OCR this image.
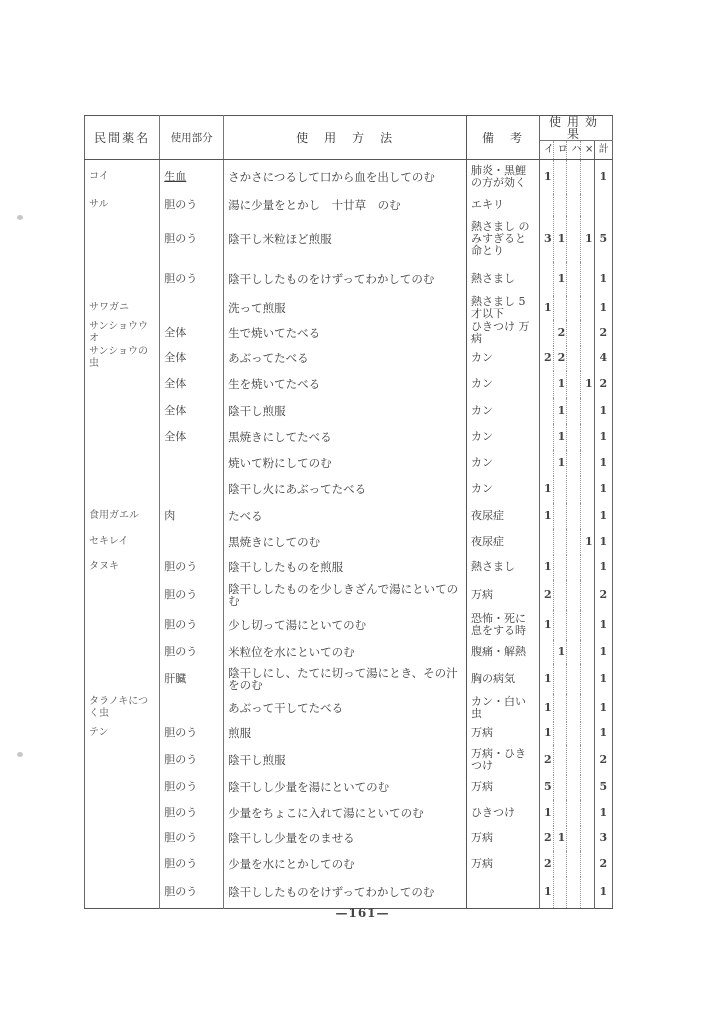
民間薬名	使用部分	使　用　方　法	備　考	使用効果				
				イ	ロ	ハ	×	計
コイ	生血	さかさにつるして口から血を出してのむ	肺炎・黒鯉の方が効く	1				1
サル	胆のう	湯に少量をとかし　十廿草　のむ	エキリ					
	胆のう	陰干し米粒ほど煎服	熱さまし のみすぎると命とり	3	1		1	5
	胆のう	陰干ししたものをけずってわかしてのむ	熱さまし		1			1
サワガニ		洗って煎服	熱さまし 5才以下	1				1
サンショウウオ	全体	生で焼いてたべる	ひきつけ 万病		2			2
サンショウの虫	全体	あぶってたべる	カン	2	2			4
	全体	生を焼いてたべる	カン		1		1	2
	全体	陰干し煎服	カン		1			1
	全体	黒焼きにしてたべる	カン		1			1
		焼いて粉にしてのむ	カン		1			1
		陰干し火にあぶってたべる	カン	1				1
食用ガエル	肉	たべる	夜尿症	1				1
セキレイ		黒焼きにしてのむ	夜尿症				1	1
タヌキ	胆のう	陰干ししたものを煎服	熱さまし	1				1
	胆のう	陰干ししたものを少しきざんで湯にといてのむ	万病	2				2
	胆のう	少し切って湯にといてのむ	恐怖・死に息をする時	1				1
	胆のう	米粒位を水にといてのむ	腹痛・解熱		1			1
	肝臓	陰干しにし、たてに切って湯にとき、その汁をのむ	胸の病気	1				1
タラノキにつく虫		あぶって干してたべる	カン・白い虫	1				1
テン	胆のう	煎服	万病	1				1
	胆のう	陰干し煎服	万病・ひきつけ	2				2
	胆のう	陰干しし少量を湯にといてのむ	万病	5				5
	胆のう	少量をちょこに入れて湯にといてのむ	ひきつけ	1				1
	胆のう	陰干しし少量をのませる	万病	2	1			3
	胆のう	少量を水にとかしてのむ	万病	2				2
	胆のう	陰干ししたものをけずってわかしてのむ		1				1
—161—
